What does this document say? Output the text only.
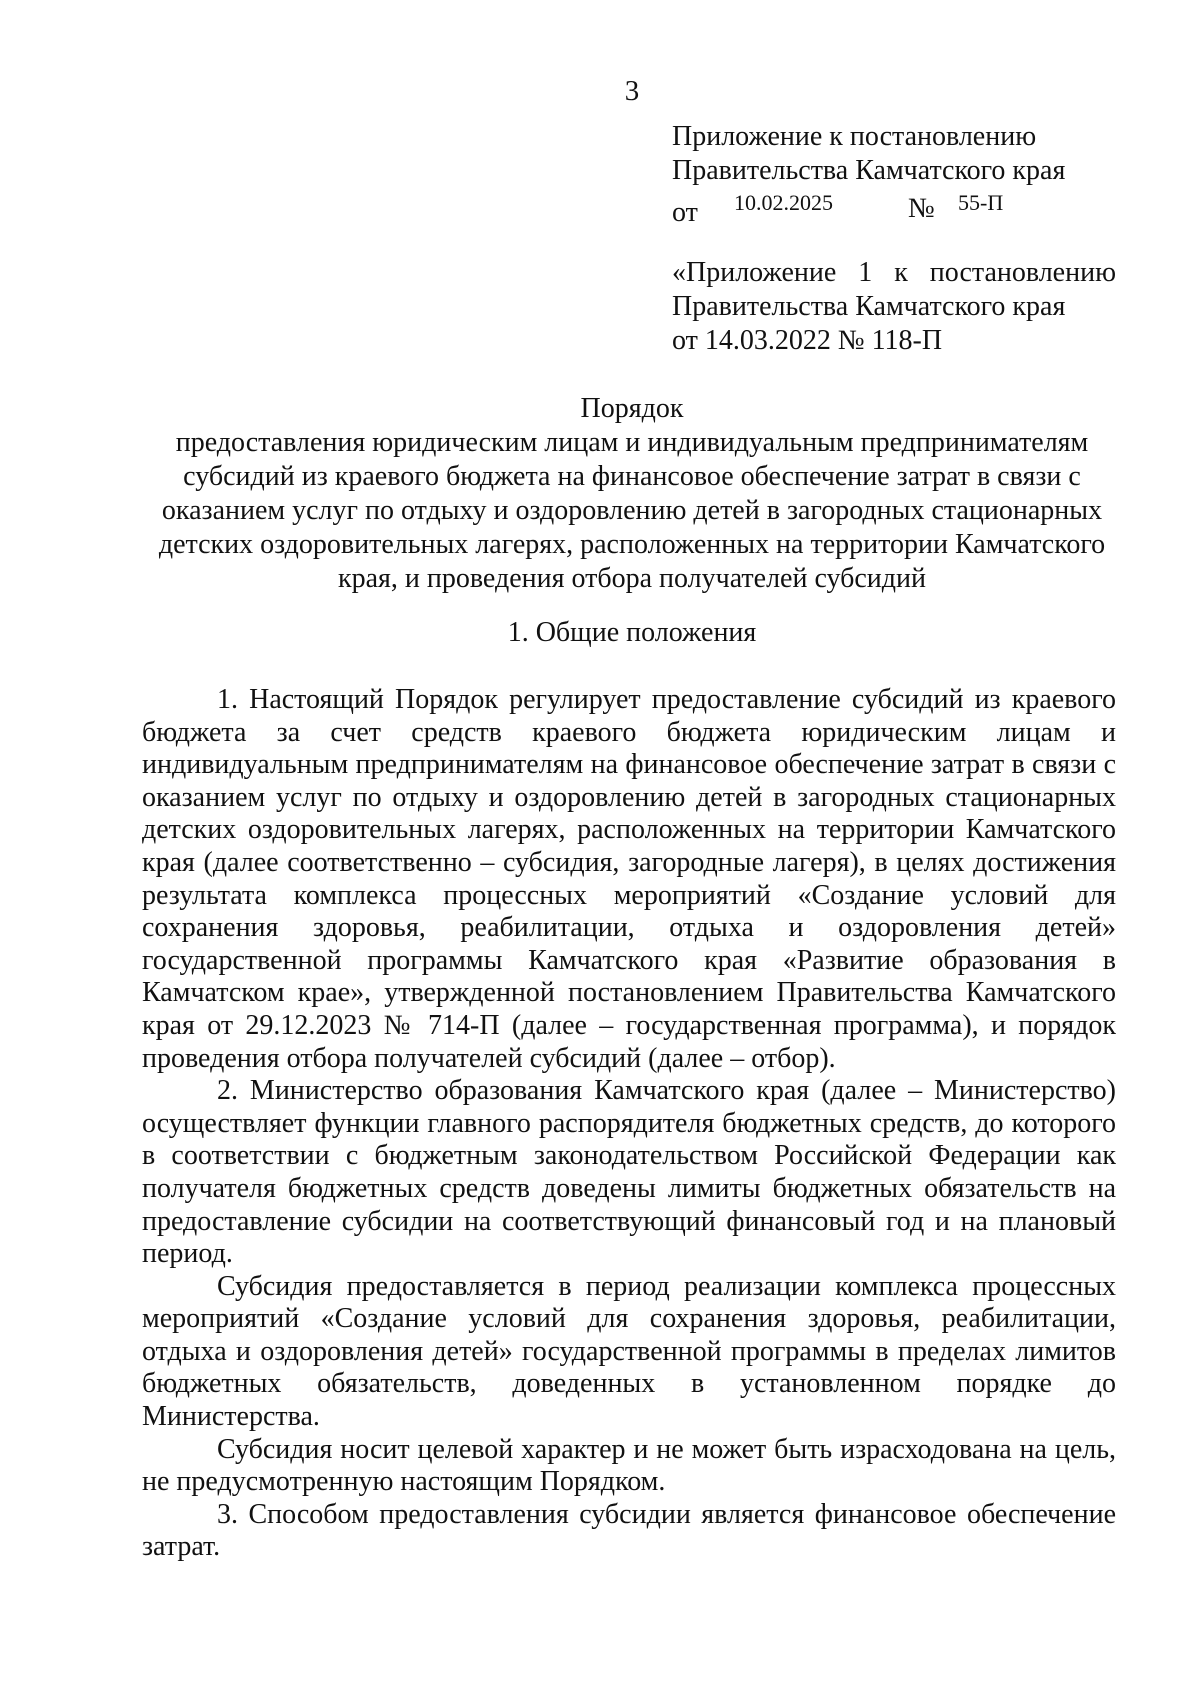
3
Приложение к постановлению
Правительства Камчатского края
от 10.02.2025	№ 55-П
«Приложение 1 к постановлению
Правительства Камчатского края
от 14.03.2022 № 118-П
Порядок
предоставления юридическим лицам и индивидуальным предпринимателям
субсидий из краевого бюджета на финансовое обеспечение затрат в связи с
оказанием услуг по отдыху и оздоровлению детей в загородных стационарных
детских оздоровительных лагерях, расположенных на территории Камчатского
края, и проведения отбора получателей субсидий
1. Общие положения

1. Настоящий Порядок регулирует предоставление субсидий из краевого бюджета за счет средств краевого бюджета юридическим лицам и индивидуальным предпринимателям на финансовое обеспечение затрат в связи с оказанием услуг по отдыху и оздоровлению детей в загородных стационарных детских оздоровительных лагерях, расположенных на территории Камчатского края (далее соответственно – субсидия, загородные лагеря), в целях достижения результата комплекса процессных мероприятий «Создание условий для сохранения здоровья, реабилитации, отдыха и оздоровления детей» государственной программы Камчатского края «Развитие образования в Камчатском крае», утвержденной постановлением Правительства Камчатского края от 29.12.2023 № 714-П (далее – государственная программа), и порядок проведения отбора получателей субсидий (далее – отбор).

2. Министерство образования Камчатского края (далее – Министерство) осуществляет функции главного распорядителя бюджетных средств, до которого в соответствии с бюджетным законодательством Российской Федерации как получателя бюджетных средств доведены лимиты бюджетных обязательств на предоставление субсидии на соответствующий финансовый год и на плановый период.

Субсидия предоставляется в период реализации комплекса процессных мероприятий «Создание условий для сохранения здоровья, реабилитации, отдыха и оздоровления детей» государственной программы в пределах лимитов бюджетных обязательств, доведенных в установленном порядке до Министерства.

Субсидия носит целевой характер и не может быть израсходована на цель, не предусмотренную настоящим Порядком.

3. Способом предоставления субсидии является финансовое обеспечение затрат.
